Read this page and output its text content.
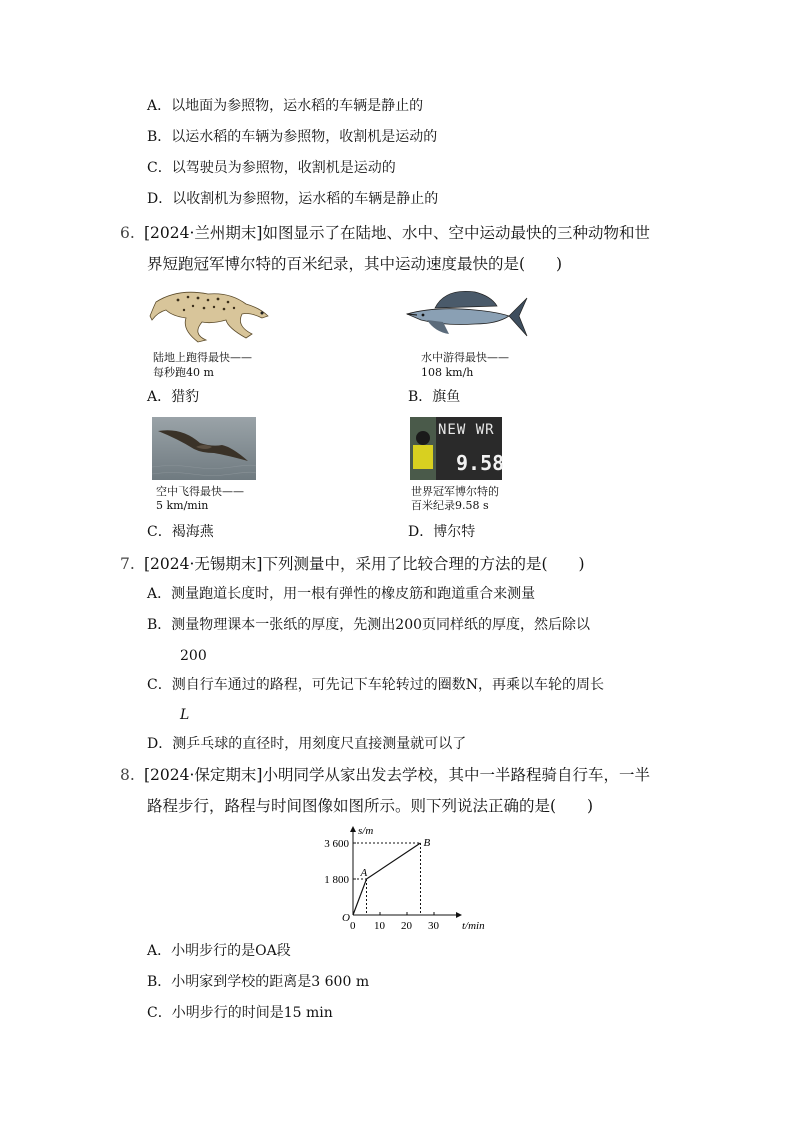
A．以地面为参照物，运水稻的车辆是静止的
B．以运水稻的车辆为参照物，收割机是运动的
C．以驾驶员为参照物，收割机是运动的
D．以收割机为参照物，运水稻的车辆是静止的
6. [2024·兰州期末]如图显示了在陆地、水中、空中运动最快的三种动物和世
界短跑冠军博尔特的百米纪录，其中运动速度最快的是(　　)
陆地上跑得最快——
每秒跑40 m
A．猎豹
水中游得最快——
108 km/h
B．旗鱼
空中飞得最快——
5 km/min
C．褐海燕
NEW WR
9.58
世界冠军博尔特的
百米纪录9.58 s
D．博尔特
7. [2024·无锡期末]下列测量中，采用了比较合理的方法的是(　　)
A．测量跑道长度时，用一根有弹性的橡皮筋和跑道重合来测量
B．测量物理课本一张纸的厚度，先测出200页同样纸的厚度，然后除以
200
C．测自行车通过的路程，可先记下车轮转过的圈数N，再乘以车轮的周长
L
D．测乒乓球的直径时，用刻度尺直接测量就可以了
8. [2024·保定期末]小明同学从家出发去学校，其中一半路程骑自行车，一半
路程步行，路程与时间图像如图所示。则下列说法正确的是(　　)
t/min
s/m
O
0 10 20 30
1 800
3 600
A
B
A．小明步行的是OA段
B．小明家到学校的距离是3 600 m
C．小明步行的时间是15 min
